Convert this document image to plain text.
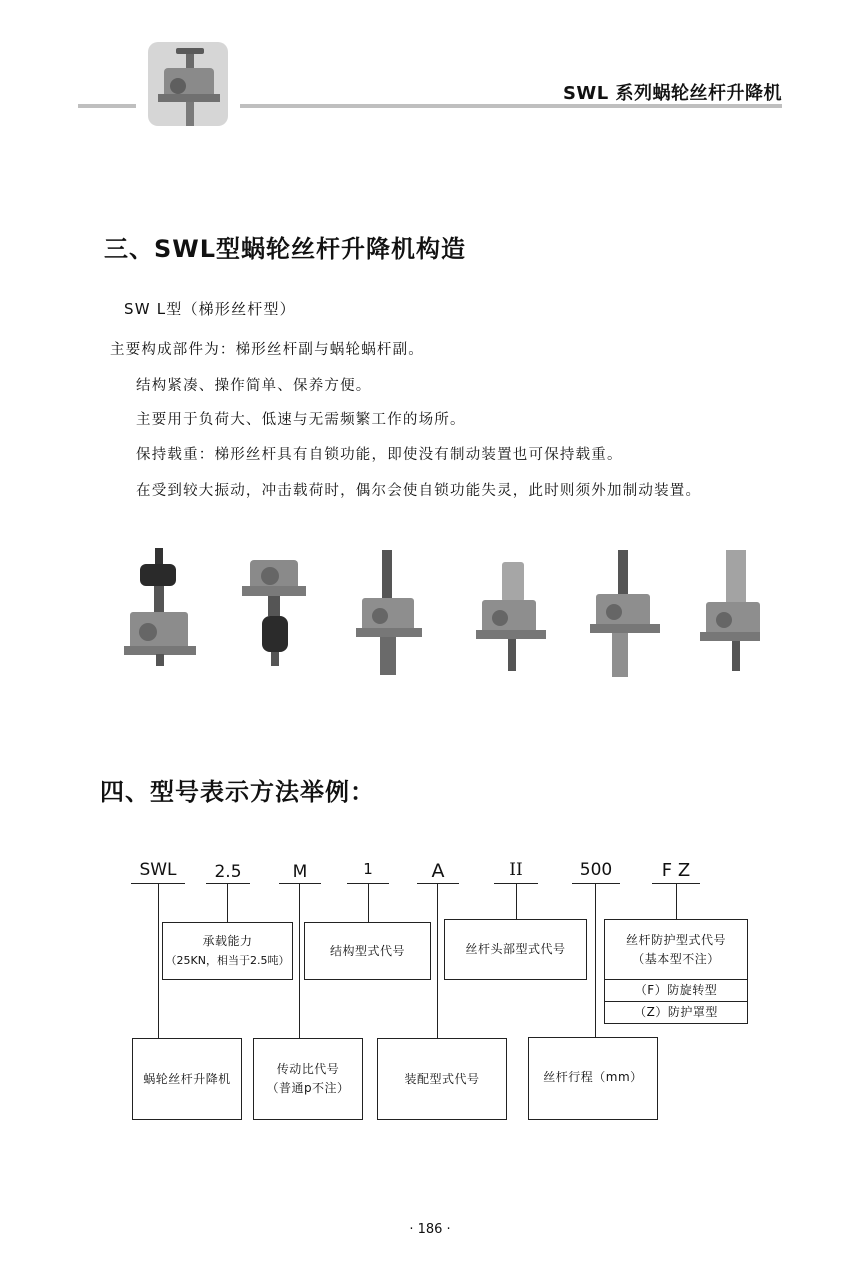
SWL 系列蜗轮丝杆升降机
三、SWL型蜗轮丝杆升降机构造
SW L型（梯形丝杆型）
主要构成部件为：梯形丝杆副与蜗轮蜗杆副。
结构紧凑、操作简单、保养方便。
主要用于负荷大、低速与无需频繁工作的场所。
保持载重：梯形丝杆具有自锁功能，即使没有制动装置也可保持载重。
在受到较大振动，冲击载荷时，偶尔会使自锁功能失灵，此时则须外加制动装置。
四、型号表示方法举例：
SWL	2.5	M	1	A	II	500	F Z
承载能力
（25KN，相当于2.5吨）
结构型式代号	丝杆头部型式代号
丝杆防护型式代号
（基本型不注）
（F）防旋转型
（Z）防护罩型
蜗轮丝杆升降机
传动比代号
（普通p不注）
装配型式代号	丝杆行程（mm）
· 186 ·
